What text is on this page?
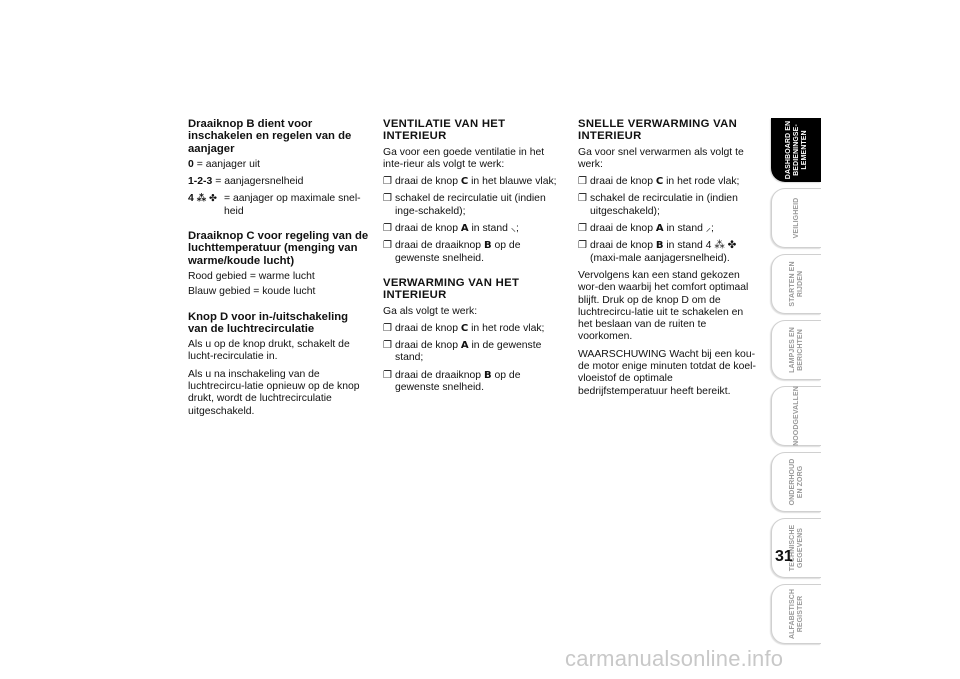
Draaiknop B dient voor inschakelen en regelen van de aanjager
0 = aanjager uit
1-2-3 = aanjagersnelheid
4 ⁂ ✤ = aanjager op maximale snel-heid
Draaiknop C voor regeling van de luchttemperatuur (menging van warme/koude lucht)
Rood gebied = warme lucht
Blauw gebied = koude lucht
Knop D voor in-/uitschakeling van de luchtrecirculatie
Als u op de knop drukt, schakelt de lucht-recirculatie in.
Als u na inschakeling van de luchtrecircu-latie opnieuw op de knop drukt, wordt de luchtrecirculatie uitgeschakeld.
VENTILATIE VAN HET INTERIEUR
Ga voor een goede ventilatie in het inte-rieur als volgt te werk:
❐ draai de knop C in het blauwe vlak;
❐ schakel de recirculatie uit (indien inge-schakeld);
❐ draai de knop A in stand ⸜;
❐ draai de draaiknop B op de gewenste snelheid.
VERWARMING VAN HET INTERIEUR
Ga als volgt te werk:
❐ draai de knop C in het rode vlak;
❐ draai de knop A in de gewenste stand;
❐ draai de draaiknop B op de gewenste snelheid.
SNELLE VERWARMING VAN INTERIEUR
Ga voor snel verwarmen als volgt te werk:
❐ draai de knop C in het rode vlak;
❐ schakel de recirculatie in (indien uitgeschakeld);
❐ draai de knop A in stand ⸝;
❐ draai de knop B in stand 4 ⁂ ✤ (maxi-male aanjagersnelheid).
Vervolgens kan een stand gekozen wor-den waarbij het comfort optimaal blijft. Druk op de knop D om de luchtrecircu-latie uit te schakelen en het beslaan van de ruiten te voorkomen.
WAARSCHUWING Wacht bij een kou-de motor enige minuten totdat de koel-vloeistof de optimale bedrijfstemperatuur heeft bereikt.
DASHBOARD EN
BEDIENINGSE-
LEMENTEN
VEILIGHEID
STARTEN EN
RIJDEN
LAMPJES EN
BERICHTEN
NOODGEVALLEN
ONDERHOUD
EN ZORG
TECHNISCHE
GEGEVENS
ALFABETISCH
REGISTER
31
carmanualsonline.info
